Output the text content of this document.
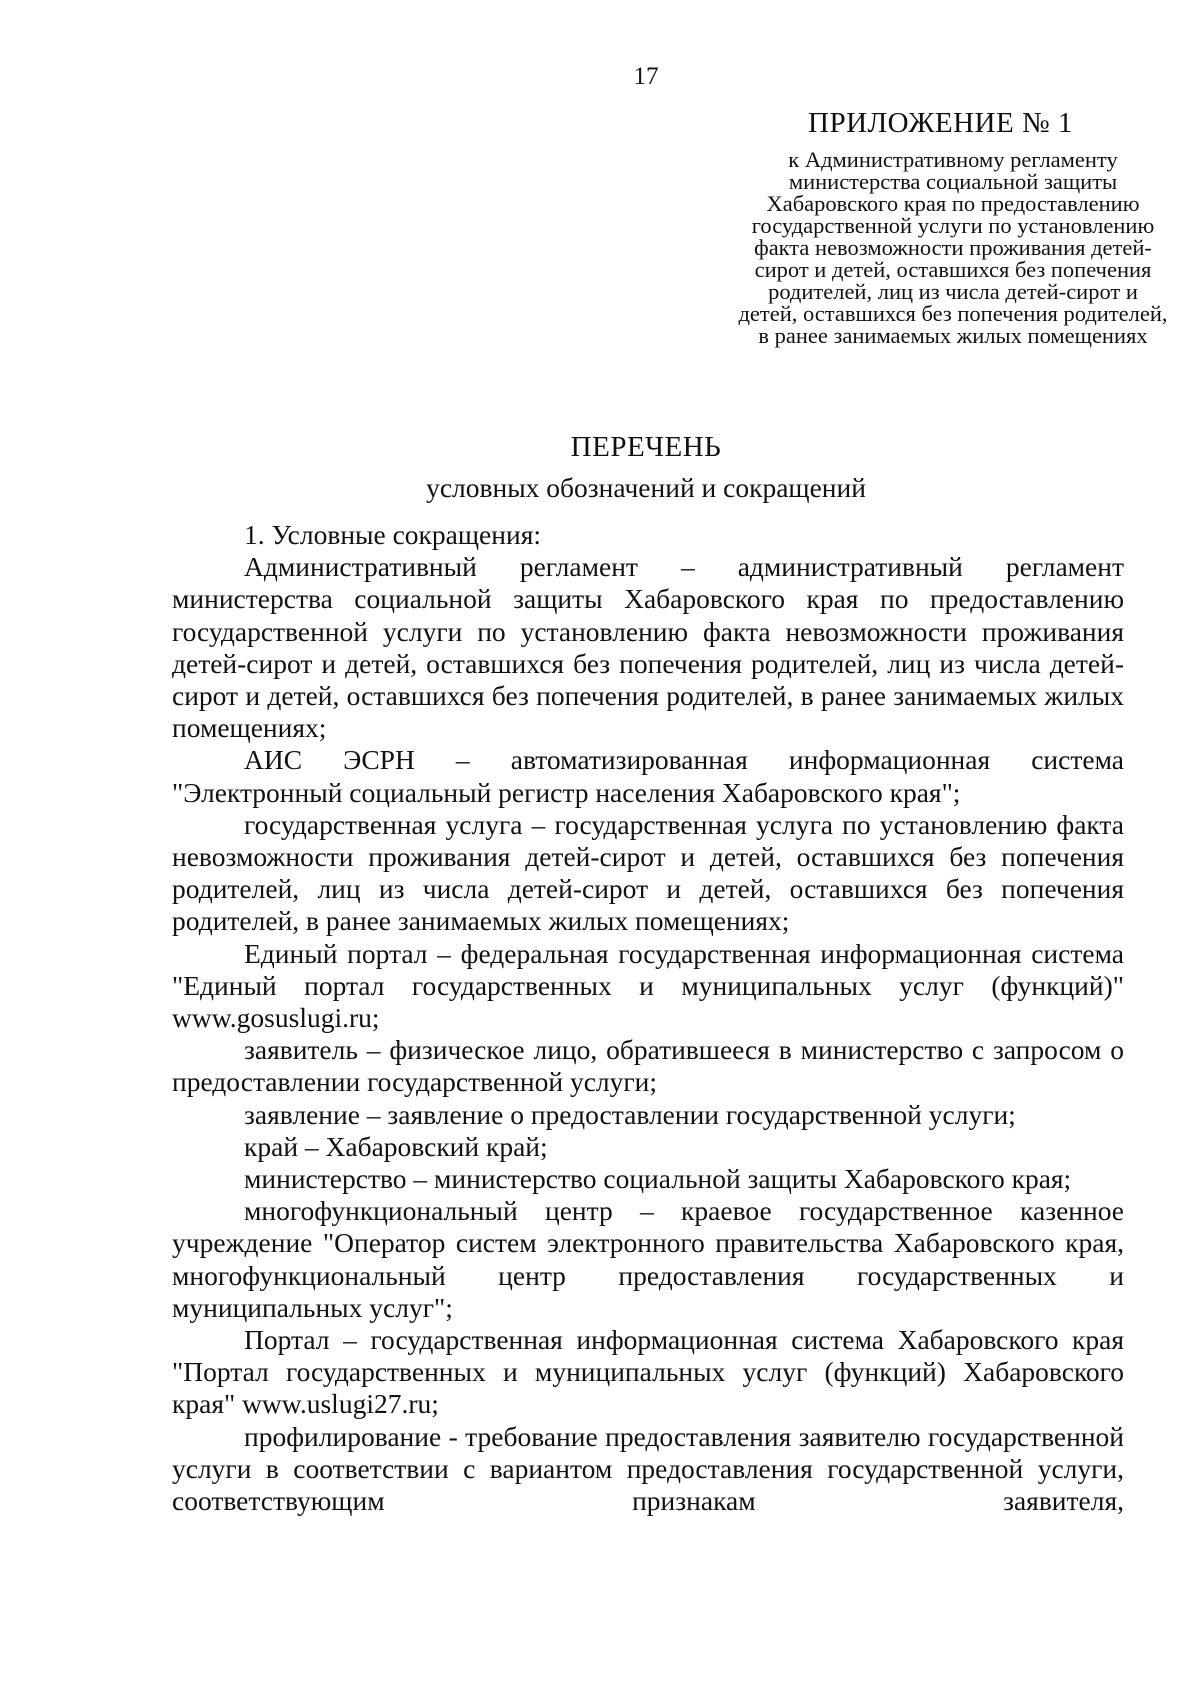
17
ПРИЛОЖЕНИЕ № 1
к Административному регламенту министерства социальной защиты Хабаровского края по предоставлению государственной услуги по установлению факта невозможности проживания детей-сирот и детей, оставшихся без попечения родителей, лиц из числа детей-сирот и детей, оставшихся без попечения родителей, в ранее занимаемых жилых помещениях
ПЕРЕЧЕНЬ
условных обозначений и сокращений

1. Условные сокращения:

Административный регламент – административный регламент министерства социальной защиты Хабаровского края по предоставлению государственной услуги по установлению факта невозможности проживания детей-сирот и детей, оставшихся без попечения родителей, лиц из числа детей-сирот и детей, оставшихся без попечения родителей, в ранее занимаемых жилых помещениях;

АИС ЭСРН – автоматизированная информационная система "Электронный социальный регистр населения Хабаровского края";

государственная услуга – государственная услуга по установлению факта невозможности проживания детей-сирот и детей, оставшихся без попечения родителей, лиц из числа детей-сирот и детей, оставшихся без попечения родителей, в ранее занимаемых жилых помещениях;

Единый портал – федеральная государственная информационная система "Единый портал государственных и муниципальных услуг (функций)" www.gosuslugi.ru;

заявитель – физическое лицо, обратившееся в министерство с запросом о предоставлении государственной услуги;

заявление – заявление о предоставлении государственной услуги;

край – Хабаровский край;

министерство – министерство социальной защиты Хабаровского края;

многофункциональный центр – краевое государственное казенное учреждение "Оператор систем электронного правительства Хабаровского края, многофункциональный центр предоставления государственных и муниципальных услуг";

Портал – государственная информационная система Хабаровского края "Портал государственных и муниципальных услуг (функций) Хабаровского края" www.uslugi27.ru;

профилирование - требование предоставления заявителю государственной услуги в соответствии с вариантом предоставления государственной услуги, соответствующим признакам заявителя,
